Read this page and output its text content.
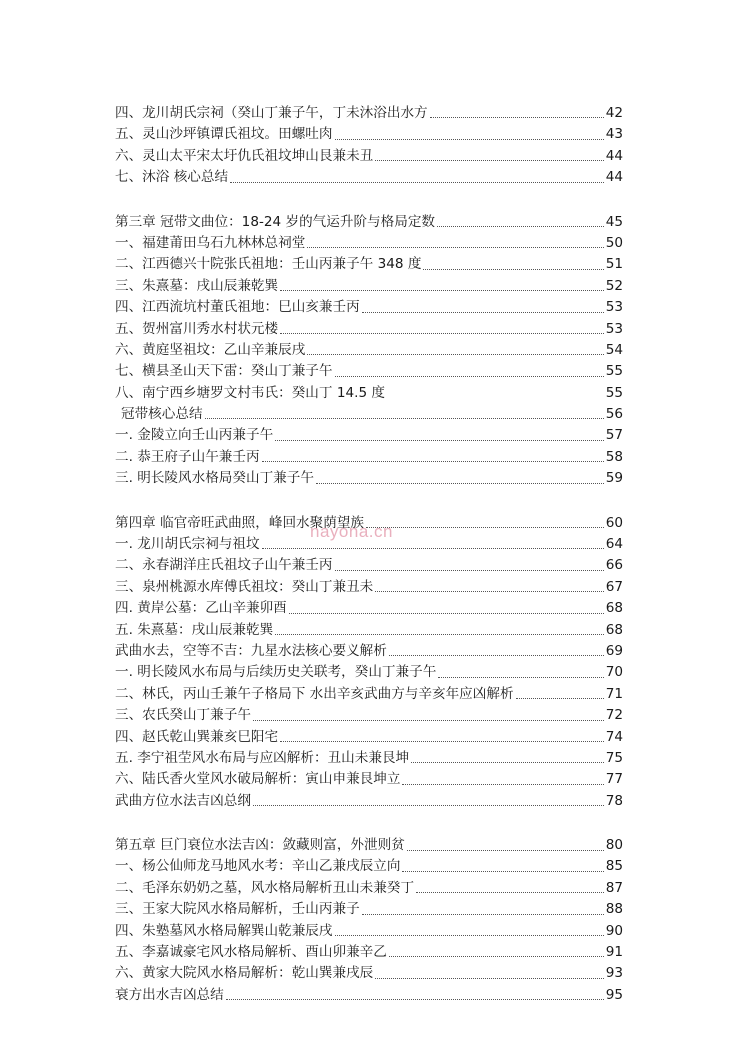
四、龙川胡氏宗祠（癸山丁兼子午，丁未沐浴出水方	42
五、灵山沙坪镇谭氏祖坟。田螺吐肉	43
六、灵山太平宋太圩仇氏祖坟坤山艮兼未丑	44
七、沐浴 核心总结	44
第三章 冠带文曲位：18-24 岁的气运升阶与格局定数	45
一、福建莆田乌石九林林总祠堂	50
二、江西德兴十院张氏祖地：壬山丙兼子午 348 度	51
三、朱熹墓：戌山辰兼乾巽	52
四、江西流坑村董氏祖地：巳山亥兼壬丙	53
五、贺州富川秀水村状元楼	53
六、黄庭坚祖坟：乙山辛兼辰戌	54
七、横县圣山天下雷：癸山丁兼子午	55
八、南宁西乡塘罗文村韦氏：癸山丁 14.5 度	55
冠带核心总结	56
一. 金陵立向壬山丙兼子午	57
二. 恭王府子山午兼壬丙	58
三. 明长陵风水格局癸山丁兼子午	59
第四章 临官帝旺武曲照，峰回水聚荫望族	60
一. 龙川胡氏宗祠与祖坟	64
二、永春湖洋庄氏祖坟子山午兼壬丙	66
三、泉州桃源水库傅氏祖坟：癸山丁兼丑未	67
四. 黄岸公墓：乙山辛兼卯酉	68
五. 朱熹墓：戌山辰兼乾巽	68
武曲水去，空等不吉：九星水法核心要义解析	69
一. 明长陵风水布局与后续历史关联考，癸山丁兼子午	70
二、林氏，丙山壬兼午子格局下 水出辛亥武曲方与辛亥年应凶解析	71
三、农氏癸山丁兼子午	72
四、赵氏乾山巽兼亥巳阳宅	74
五. 李宁祖茔风水布局与应凶解析：丑山未兼艮坤	75
六、陆氏香火堂风水破局解析：寅山申兼艮坤立	77
武曲方位水法吉凶总纲	78
第五章 巨门衰位水法吉凶：敛藏则富，外泄则贫	80
一、杨公仙师龙马地风水考：辛山乙兼戌辰立向	85
二、毛泽东奶奶之墓，风水格局解析丑山未兼癸丁	87
三、王家大院风水格局解析，壬山丙兼子	88
四、朱塾墓风水格局解巽山乾兼辰戌	90
五、李嘉诚豪宅风水格局解析、酉山卯兼辛乙	91
六、黄家大院风水格局解析：乾山巽兼戌辰	93
衰方出水吉凶总结	95
nayona.cn
